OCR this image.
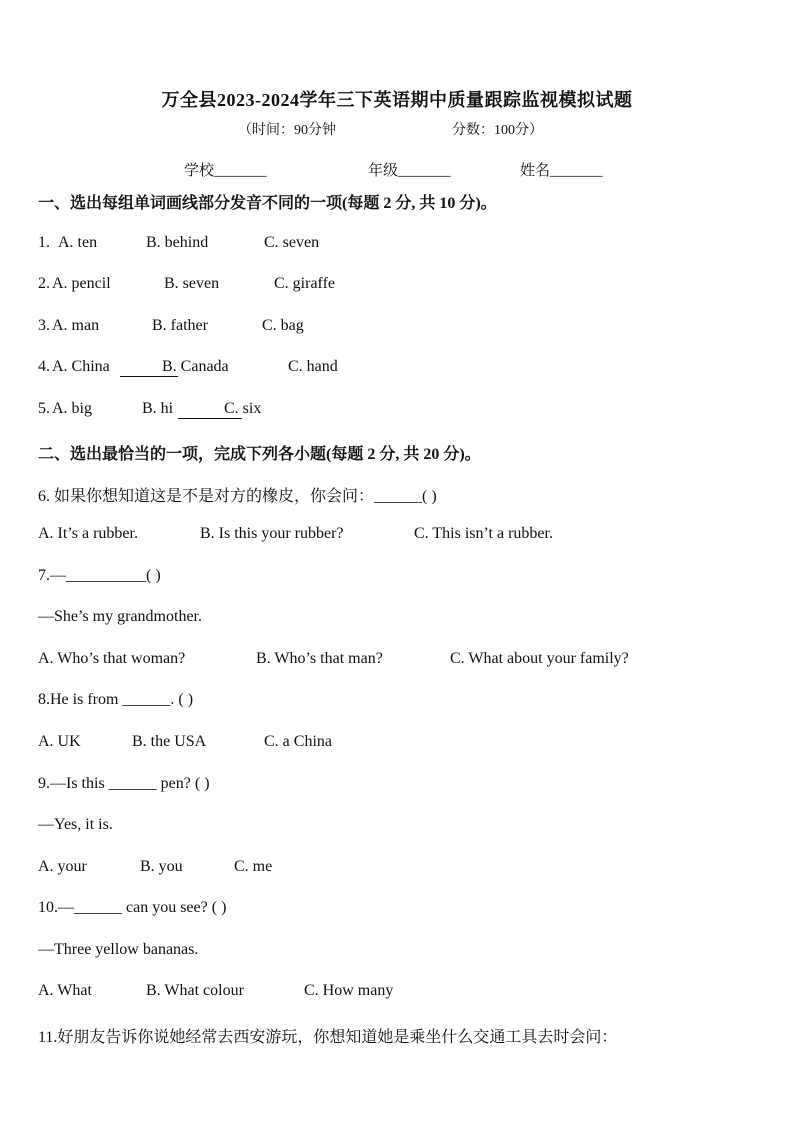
万全县2023-2024学年三下英语期中质量跟踪监视模拟试题
（时间：90分钟	分数：100分）
学校_______	年级_______	姓名_______
一、选出每组单词画线部分发音不同的一项(每题 2 分, 共 10 分)。
1. A. ten	B. behind	C. seven
2. A. pencil	B. seven	C. giraffe
3. A. man	B. father	C. bag
4. A. China	B. Canada	C. hand
5. A. big	B. hi	C. six
二、选出最恰当的一项，完成下列各小题(每题 2 分, 共 20 分)。
6. 如果你想知道这是不是对方的橡皮，你会问：______( )
A. It’s a rubber.	B. Is this your rubber?	C. This isn’t a rubber.
7.—__________( )
—She’s my grandmother.
A. Who’s that woman?	B. Who’s that man?	C. What about your family?
8.He is from ______. ( )
A. UK	B. the USA	C. a China
9.—Is this ______ pen? ( )
—Yes, it is.
A. your	B. you	C. me
10.—______ can you see? ( )
—Three yellow bananas.
A. What	B. What colour	C. How many
11.好朋友告诉你说她经常去西安游玩，你想知道她是乘坐什么交通工具去时会问：
